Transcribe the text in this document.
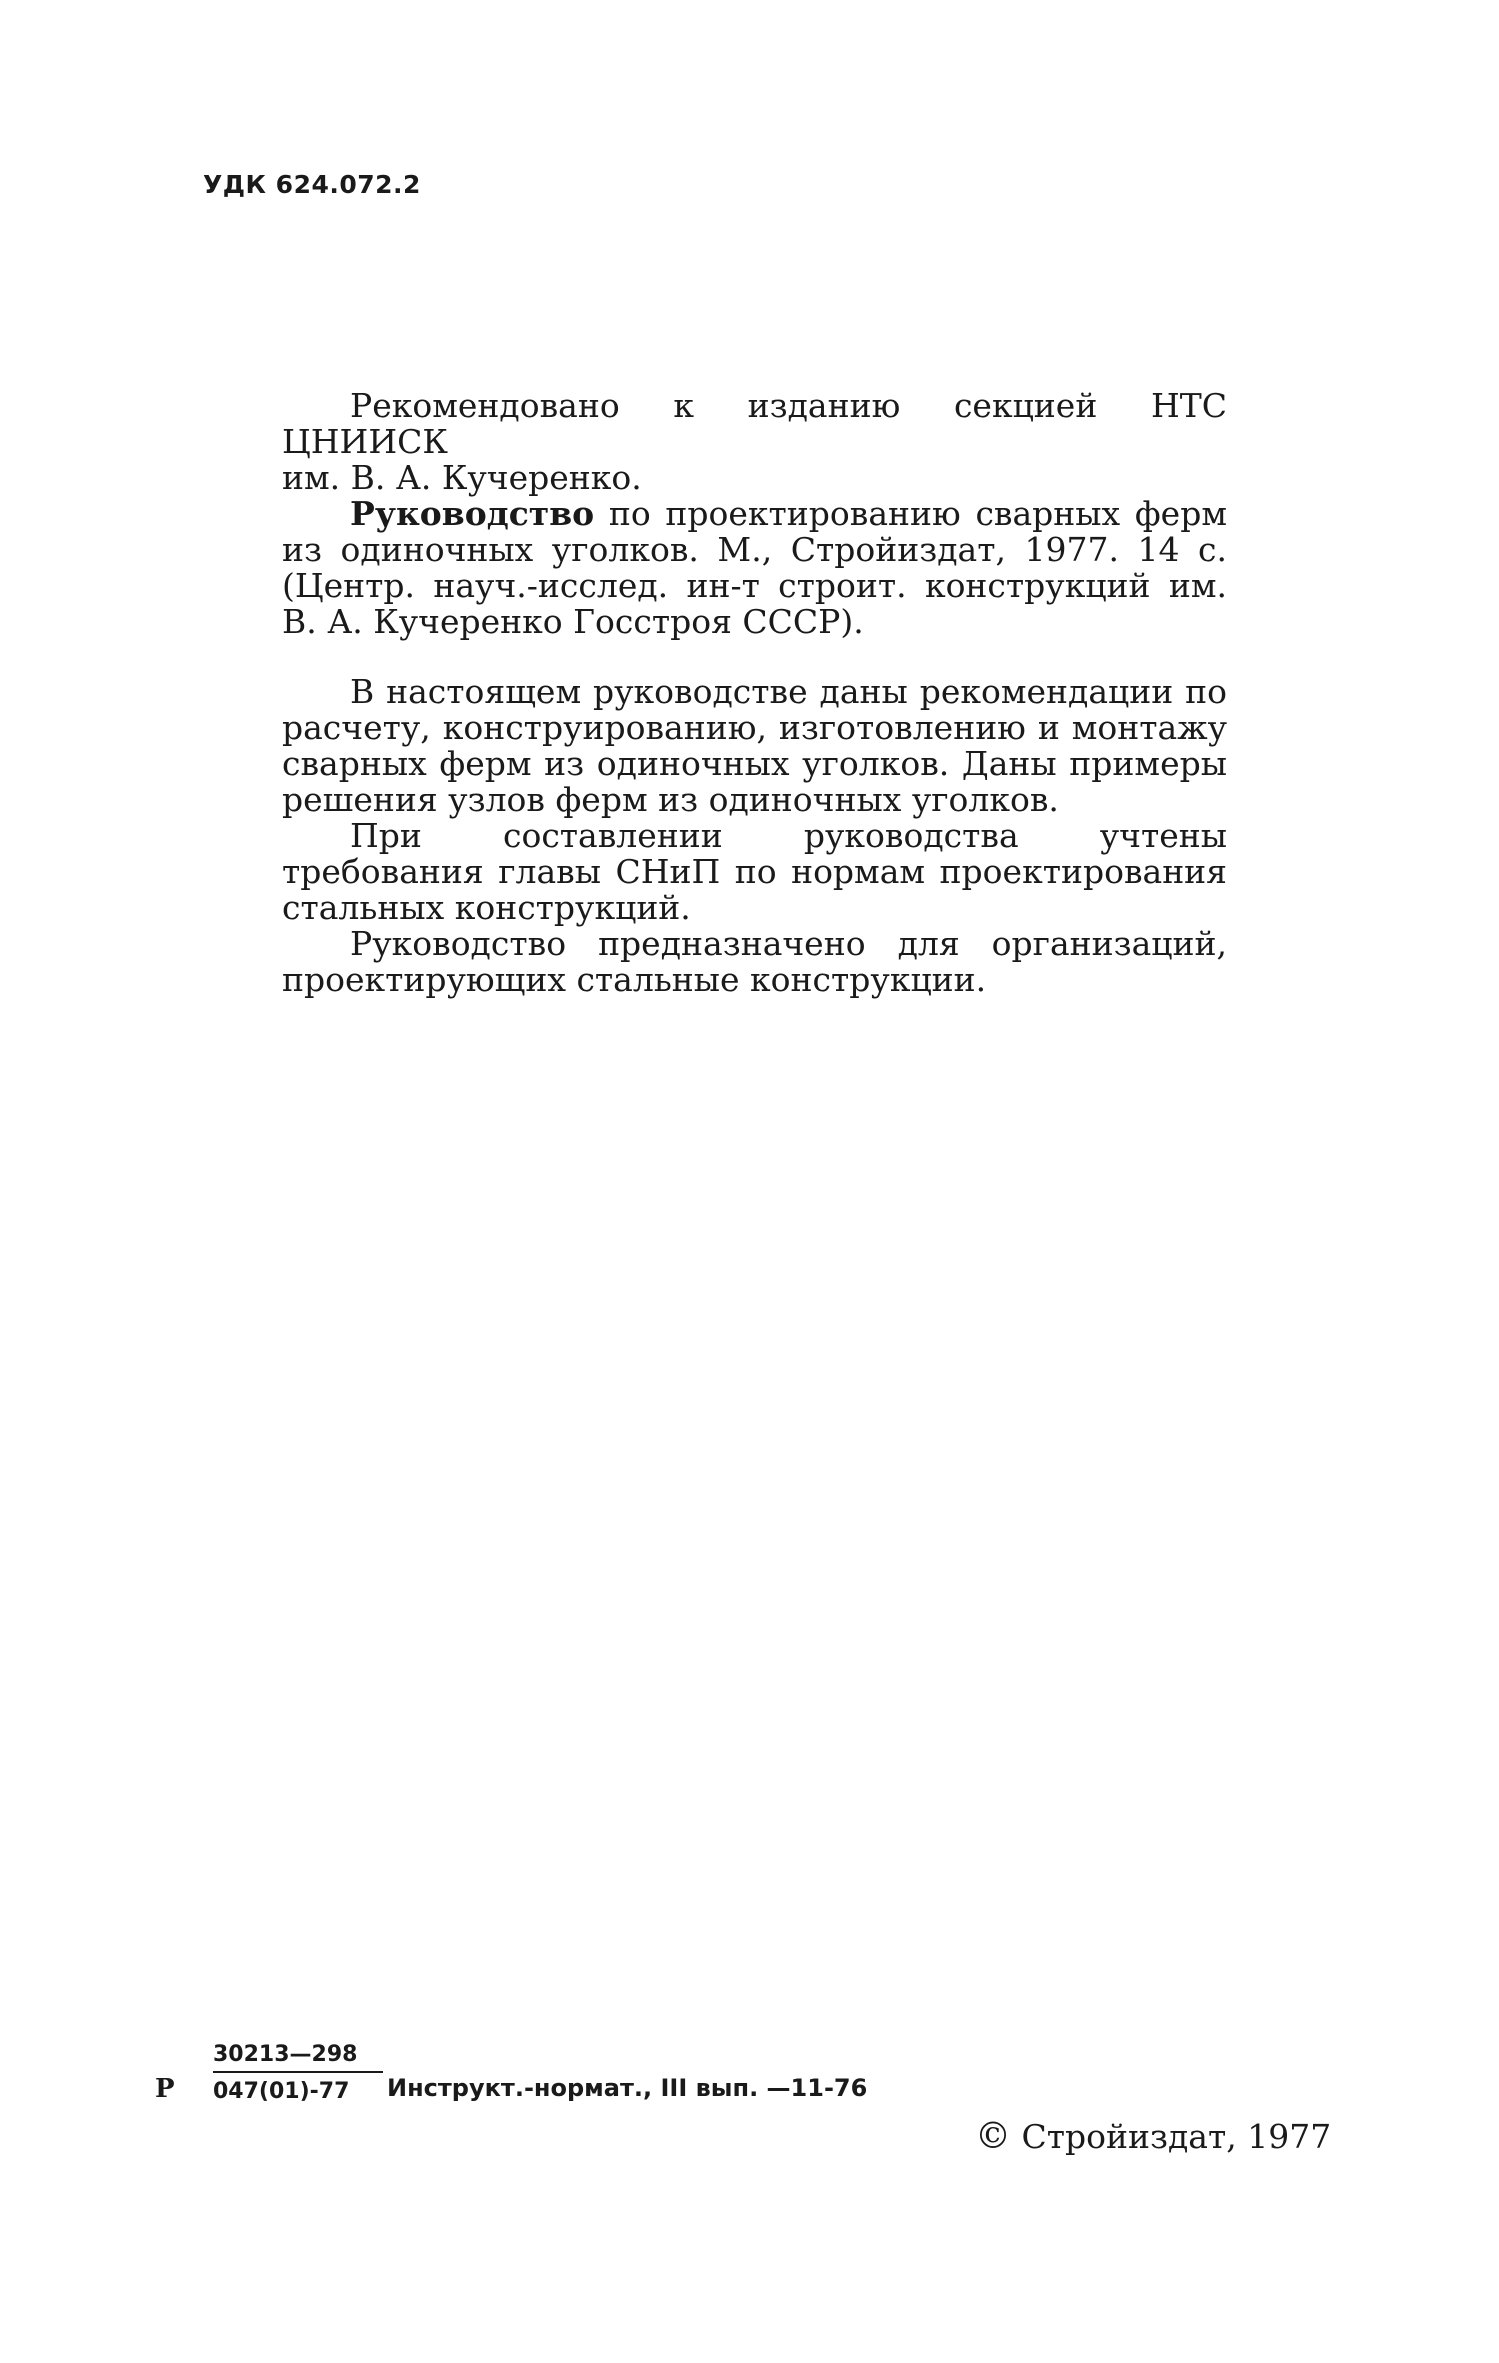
УДК 624.072.2

Рекомендовано к изданию секцией НТС ЦНИИСК
им. В. А. Кучеренко.

Руководство по проектированию сварных ферм из одиночных уголков. М., Стройиздат, 1977. 14 с. (Центр. науч.-исслед. ин-т строит. конструкций им. В. А. Кучеренко Госстроя СССР).

В настоящем руководстве даны рекомендации по расчету, конструированию, изготовлению и монтажу сварных ферм из одиночных уголков. Даны примеры решения узлов ферм из одиночных уголков.

При составлении руководства учтены требования главы СНиП по нормам проектирования стальных конструкций.

Руководство предназначено для организаций, проектирующих стальные конструкции.

Р $\frac{30213—298}{047(01)-77}$ Инструкт.-нормат., III вып. —11-76
© Стройиздат, 1977
